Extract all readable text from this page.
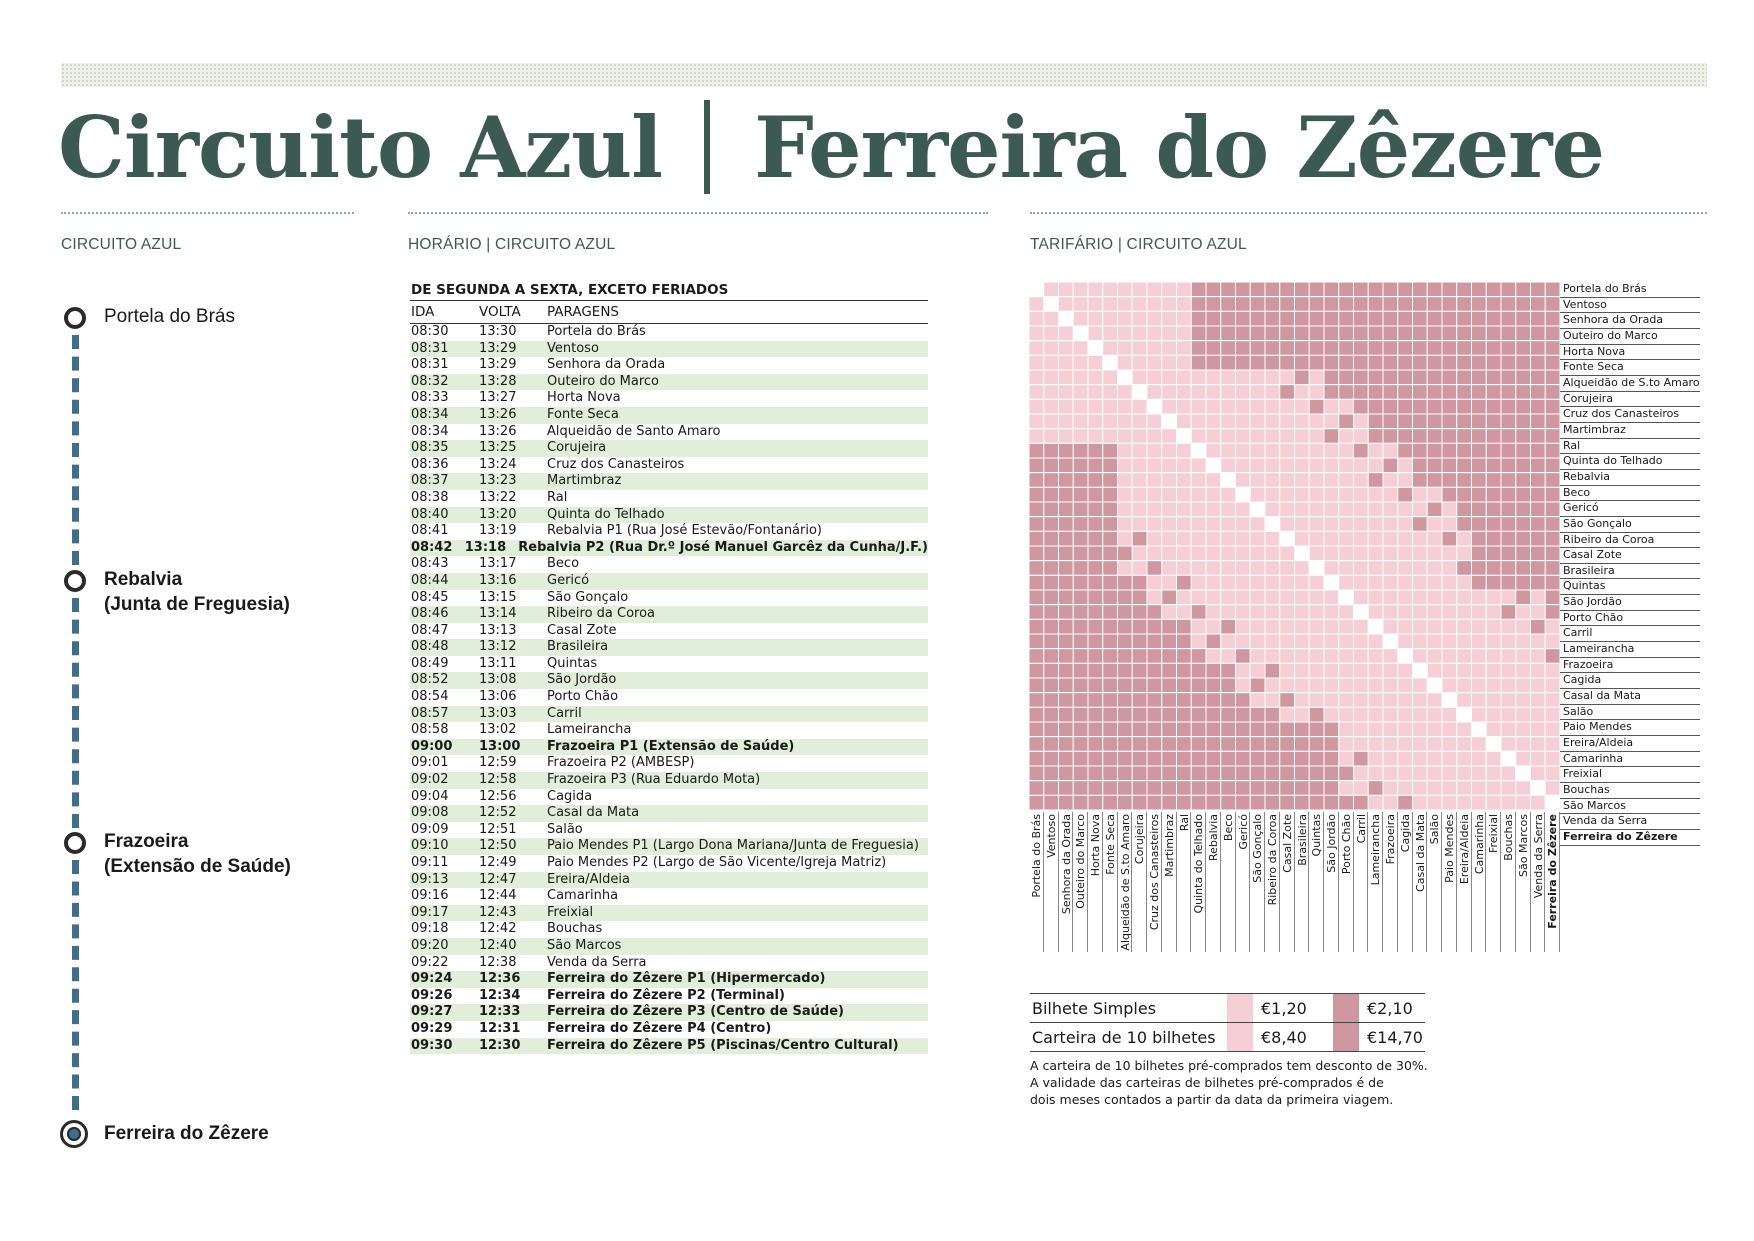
Circuito Azul Ferreira do Zêzere
CIRCUITO AZUL	HORÁRIO | CIRCUITO AZUL	TARIFÁRIO | CIRCUITO AZUL
Portela do Brás
Rebalvia
(Junta de Freguesia)
Frazoeira
(Extensão de Saúde)
Ferreira do Zêzere
DE SEGUNDA A SEXTA, EXCETO FERIADOS
IDA	VOLTA	PARAGENS
08:30	13:30	Portela do Brás
08:31	13:29	Ventoso
08:31	13:29	Senhora da Orada
08:32	13:28	Outeiro do Marco
08:33	13:27	Horta Nova
08:34	13:26	Fonte Seca
08:34	13:26	Alqueidão de Santo Amaro
08:35	13:25	Corujeira
08:36	13:24	Cruz dos Canasteiros
08:37	13:23	Martimbraz
08:38	13:22	Ral
08:40	13:20	Quinta do Telhado
08:41	13:19	Rebalvia P1 (Rua José Estevão/Fontanário)
08:42 13:18 Rebalvia P2 (Rua Dr.º José Manuel Garcêz da Cunha/J.F.)
08:43	13:17	Beco
08:44	13:16	Gericó
08:45	13:15	São Gonçalo
08:46	13:14	Ribeiro da Coroa
08:47	13:13	Casal Zote
08:48	13:12	Brasileira
08:49	13:11	Quintas
08:52	13:08	São Jordão
08:54	13:06	Porto Chão
08:57	13:03	Carril
08:58	13:02	Lameirancha
09:00	13:00	Frazoeira P1 (Extensão de Saúde)
09:01	12:59	Frazoeira P2 (AMBESP)
09:02	12:58	Frazoeira P3 (Rua Eduardo Mota)
09:04	12:56	Cagida
09:08	12:52	Casal da Mata
09:09	12:51	Salão
09:10	12:50	Paio Mendes P1 (Largo Dona Mariana/Junta de Freguesia)
09:11	12:49	Paio Mendes P2 (Largo de São Vicente/Igreja Matriz)
09:13	12:47	Ereira/Aldeia
09:16	12:44	Camarinha
09:17	12:43	Freixial
09:18	12:42	Bouchas
09:20	12:40	São Marcos
09:22	12:38	Venda da Serra
09:24	12:36	Ferreira do Zêzere P1 (Hipermercado)
09:26	12:34	Ferreira do Zêzere P2 (Terminal)
09:27	12:33	Ferreira do Zêzere P3 (Centro de Saúde)
09:29	12:31	Ferreira do Zêzere P4 (Centro)
09:30	12:30	Ferreira do Zêzere P5 (Piscinas/Centro Cultural)
Portela do Brás
Ventoso
Senhora da Orada
Outeiro do Marco
Horta Nova
Fonte Seca
Alqueidão de S.to Amaro
Corujeira
Cruz dos Canasteiros
Martimbraz
Ral
Quinta do Telhado
Rebalvia
Beco
Gericó
São Gonçalo
Ribeiro da Coroa
Casal Zote
Brasileira
Quintas
São Jordão
Porto Chão
Carril
Lameirancha
Frazoeira
Cagida
Casal da Mata
Salão
Paio Mendes
Ereira/Aldeia
Camarinha
Freixial
Bouchas
São Marcos
Venda da Serra
Ferreira do Zêzere
Portela do Brás Ventoso Senhora da Orada Outeiro do Marco Horta Nova Fonte Seca Alqueidão de S.to Amaro Corujeira Cruz dos Canasteiros Martimbraz Ral Quinta do Telhado Rebalvia Beco Gericó São Gonçalo Ribeiro da Coroa Casal Zote Brasileira Quintas São Jordão Porto Chão Carril Lameirancha Frazoeira Cagida Casal da Mata Salão Paio Mendes Ereira/Aldeia Camarinha Freixial Bouchas São Marcos Venda da Serra Ferreira do Zêzere
Bilhete Simples	€1,20	€2,10
Carteira de 10 bilhetes	€8,40	€14,70
A carteira de 10 bilhetes pré-comprados tem desconto de 30%.
A validade das carteiras de bilhetes pré-comprados é de
dois meses contados a partir da data da primeira viagem.
